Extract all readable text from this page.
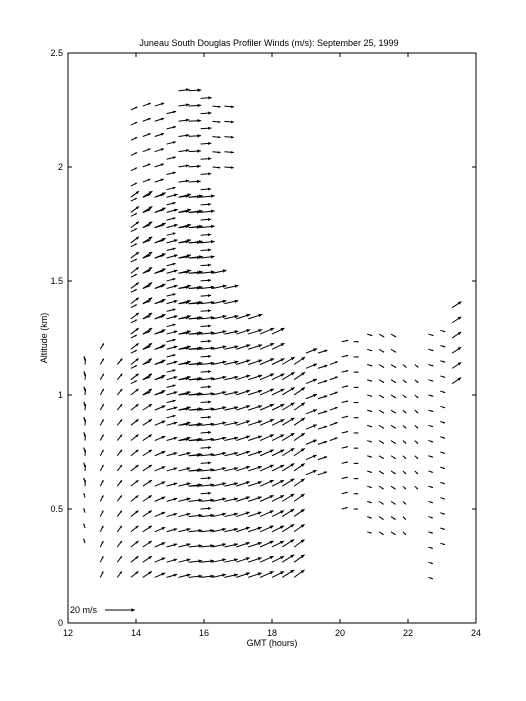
Juneau South Douglas Profiler Winds (m/s): September 25, 1999
12	14	16	18	20	22	24
0
0.5
1
1.5
2
2.5
GMT (hours)
Altitude (km)
20 m/s
